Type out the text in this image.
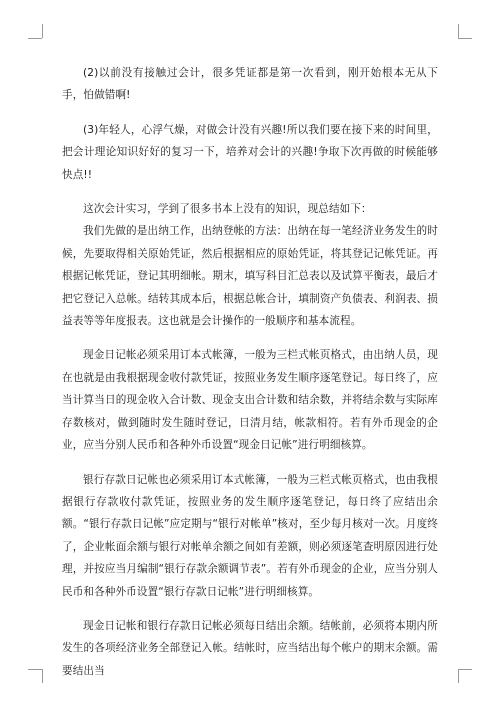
(2)以前没有接触过会计，很多凭证都是第一次看到，刚开始根本无从下手，怕做错啊!

(3)年轻人，心浮气燥，对做会计没有兴趣!所以我们要在接下来的时间里，把会计理论知识好好的复习一下，培养对会计的兴趣!争取下次再做的时候能够快点!!

这次会计实习，学到了很多书本上没有的知识，现总结如下：

我们先做的是出纳工作，出纳登帐的方法：出纳在每一笔经济业务发生的时候，先要取得相关原始凭证，然后根据相应的原始凭证，将其登记记帐凭证。再根据记帐凭证，登记其明细帐。期末，填写科目汇总表以及试算平衡表，最后才把它登记入总帐。结转其成本后，根据总帐合计，填制资产负债表、利润表、损益表等等年度报表。这也就是会计操作的一般顺序和基本流程。

现金日记帐必须采用订本式帐簿，一般为三栏式帐页格式，由出纳人员，现在也就是由我根据现金收付款凭证，按照业务发生顺序逐笔登记。每日终了，应当计算当日的现金收入合计数、现金支出合计数和结余数，并将结余数与实际库存数核对，做到随时发生随时登记，日清月结，帐款相符。若有外币现金的企业，应当分别人民币和各种外币设置“现金日记帐”进行明细核算。

银行存款日记帐也必须采用订本式帐簿，一般为三栏式帐页格式，也由我根据银行存款收付款凭证，按照业务的发生顺序逐笔登记，每日终了应结出余额。“银行存款日记帐”应定期与“银行对帐单”核对，至少每月核对一次。月度终了，企业帐面余额与银行对帐单余额之间如有差额，则必须逐笔查明原因进行处理，并按应当月编制“银行存款余额调节表”。若有外币现金的企业，应当分别人民币和各种外币设置“银行存款日记帐”进行明细核算。

现金日记帐和银行存款日记帐必须每日结出余额。结帐前，必须将本期内所发生的各项经济业务全部登记入帐。结帐时，应当结出每个帐户的期末余额。需要结出当
